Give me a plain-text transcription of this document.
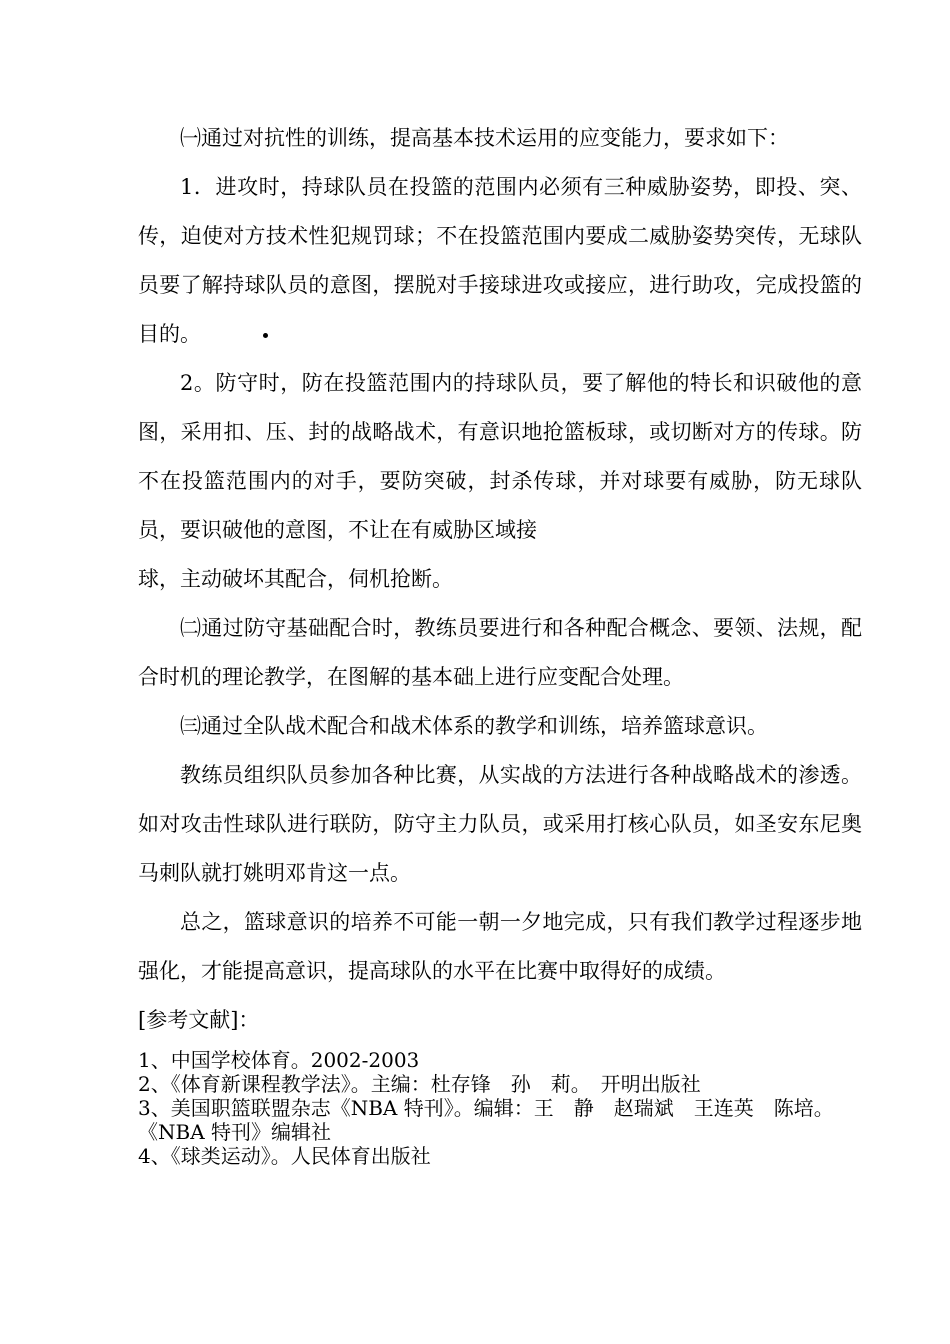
㈠通过对抗性的训练，提高基本技术运用的应变能力，要求如下：

1．进攻时，持球队员在投篮的范围内必须有三种威胁姿势，即投、突、传，迫使对方技术性犯规罚球；不在投篮范围内要成二威胁姿势突传，无球队员要了解持球队员的意图，摆脱对手接球进攻或接应，进行助攻，完成投篮的目的。

2。防守时，防在投篮范围内的持球队员，要了解他的特长和识破他的意图，采用扣、压、封的战略战术，有意识地抢篮板球，或切断对方的传球。防不在投篮范围内的对手，要防突破，封杀传球，并对球要有威胁，防无球队员，要识破他的意图，不让在有威胁区域接

球，主动破坏其配合，伺机抢断。

㈡通过防守基础配合时，教练员要进行和各种配合概念、要领、法规，配合时机的理论教学，在图解的基本础上进行应变配合处理。

㈢通过全队战术配合和战术体系的教学和训练，培养篮球意识。

教练员组织队员参加各种比赛，从实战的方法进行各种战略战术的渗透。如对攻击性球队进行联防，防守主力队员，或采用打核心队员，如圣安东尼奥马刺队就打姚明邓肯这一点。

总之，篮球意识的培养不可能一朝一夕地完成，只有我们教学过程逐步地强化，才能提高意识，提高球队的水平在比赛中取得好的成绩。

[参考文献]：

1、中国学校体育。2002-2003

2、《体育新课程教学法》。主编：杜存锋　孙　莉。　开明出版社

3、美国职篮联盟杂志《NBA 特刊》。编辑：王　静　赵瑞斌　王连英　陈培。《NBA 特刊》编辑社

4、《球类运动》。人民体育出版社
